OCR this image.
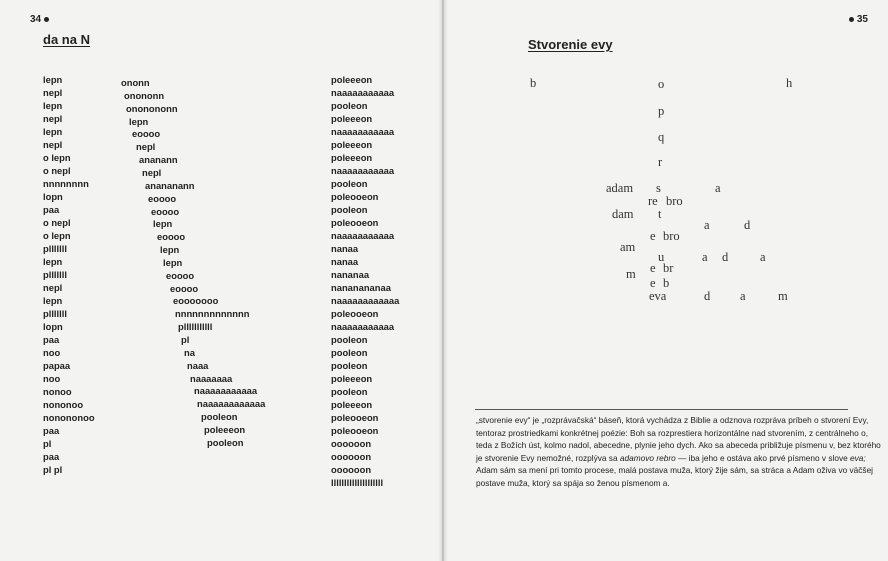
34
da na N
lepn
nepl
lepn
nepl
lepn
nepl
o lepn
o nepl
nnnnnnnn
lopn
paa
o nepl
o lepn
plllllll
lepn
plllllll
nepl
lepn
plllllll
lopn
paa
noo
papaa
noo
nonoo
nononoo
nonononoo
paa
pl
paa
pl pl
ononn
onononn
ononononn
lepn
eoooo
nepl
ananann
nepl
anananann
eoooo
eoooo
lepn
eoooo
lepn
lepn
eoooo
eoooo
eooooooo
nnnnnnnnnnnnn
plllllllllll
pl
na
naaa
naaaaaaa
naaaaaaaaaaa
naaaaaaaaaaaa
pooleon
poleeeon
pooleon
poleeeon
naaaaaaaaaaa
pooleon
poleeeon
naaaaaaaaaaa
poleeeon
poleeeon
naaaaaaaaaaa
pooleon
poleooeon
pooleon
poleooeon
naaaaaaaaaaa
nanaa
nanaa
nananaa
nananananaa
naaaaaaaaaaaa
poleooeon
naaaaaaaaaaa
pooleon
pooleon
pooleon
poleeeon
pooleon
poleeeon
poleooeon
poleooeon
oooooon
oooooon
oooooon
llllllllllllllllllll
35
Stvorenie evy
b	o	h
p
q
r
adam s	a
re bro
dam t
a	d
e bro
am
u	a d	a
e br
m
e b
eva	d a	m

„stvorenie evy“ je „rozprávačská“ báseň, ktorá vychádza z Biblie a odznova rozpráva príbeh o stvorení Evy,

tentoraz prostriedkami konkrétnej poézie: Boh sa rozprestiera horizontálne nad stvorením, z centrálneho o,

teda z Božích úst, kolmo nadol, abecedne, plynie jeho dych. Ako sa abeceda približuje písmenu v, bez ktorého

je stvorenie Evy nemožné, rozplýva sa adamovo rebro — iba jeho e ostáva ako prvé písmeno v slove eva;

Adam sám sa mení pri tomto procese, malá postava muža, ktorý žije sám, sa stráca a Adam oživa vo väčšej

postave muža, ktorý sa spája so ženou písmenom a.
